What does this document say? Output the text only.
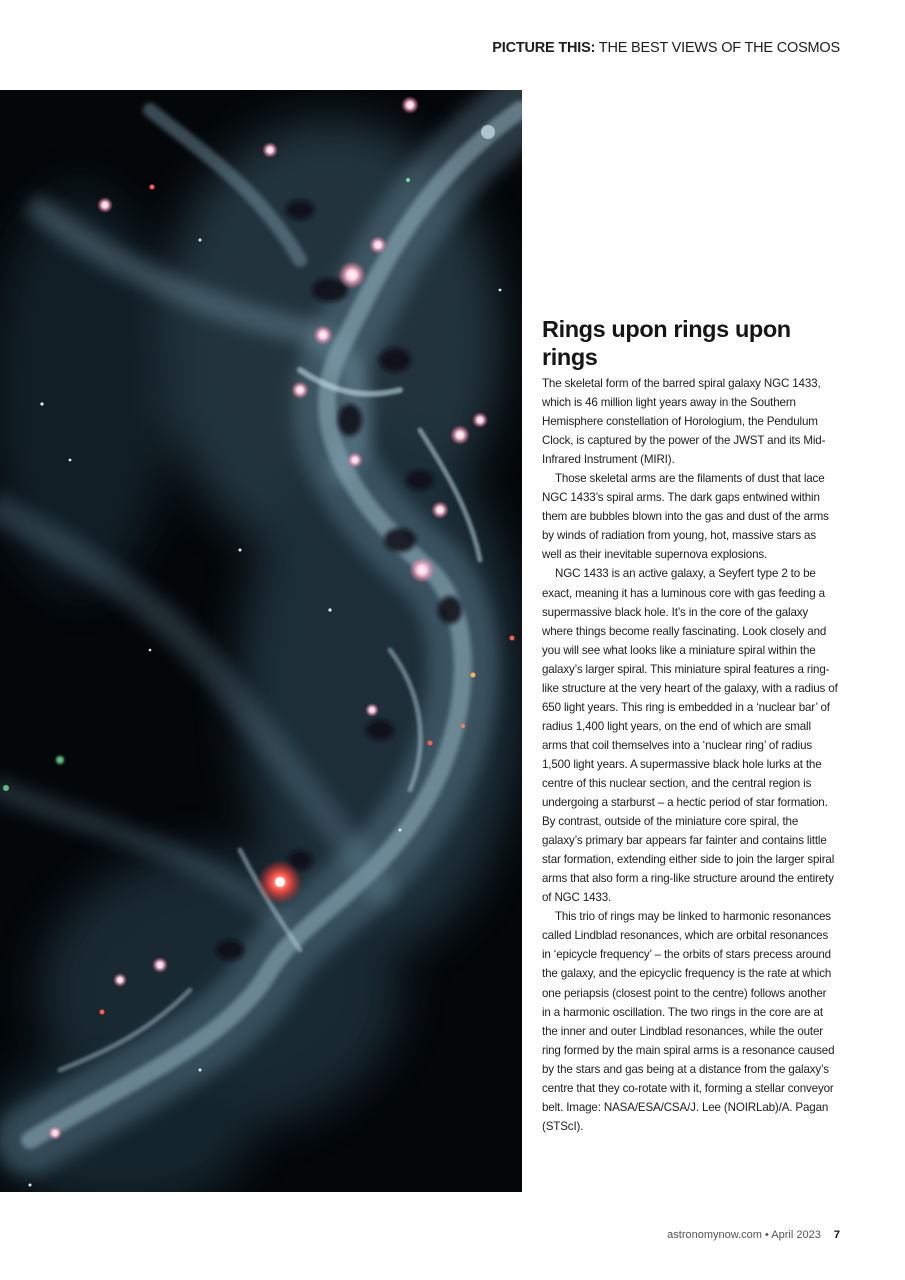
PICTURE THIS: THE BEST VIEWS OF THE COSMOS
Rings upon rings upon rings

The skeletal form of the barred spiral galaxy NGC 1433, which is 46 million light years away in the Southern Hemisphere constellation of Horologium, the Pendulum Clock, is captured by the power of the JWST and its Mid-Infrared Instrument (MIRI).

Those skeletal arms are the filaments of dust that lace NGC 1433’s spiral arms. The dark gaps entwined within them are bubbles blown into the gas and dust of the arms by winds of radiation from young, hot, massive stars as well as their inevitable supernova explosions.

NGC 1433 is an active galaxy, a Seyfert type 2 to be exact, meaning it has a luminous core with gas feeding a supermassive black hole. It’s in the core of the galaxy where things become really fascinating. Look closely and you will see what looks like a miniature spiral within the galaxy’s larger spiral. This miniature spiral features a ring-like structure at the very heart of the galaxy, with a radius of 650 light years. This ring is embedded in a ‘nuclear bar’ of radius 1,400 light years, on the end of which are small arms that coil themselves into a ‘nuclear ring’ of radius 1,500 light years. A supermassive black hole lurks at the centre of this nuclear section, and the central region is undergoing a starburst – a hectic period of star formation. By contrast, outside of the miniature core spiral, the galaxy’s primary bar appears far fainter and contains little star formation, extending either side to join the larger spiral arms that also form a ring-like structure around the entirety of NGC 1433.

This trio of rings may be linked to harmonic resonances called Lindblad resonances, which are orbital resonances in ‘epicycle frequency’ – the orbits of stars precess around the galaxy, and the epicyclic frequency is the rate at which one periapsis (closest point to the centre) follows another in a harmonic oscillation. The two rings in the core are at the inner and outer Lindblad resonances, while the outer ring formed by the main spiral arms is a resonance caused by the stars and gas being at a distance from the galaxy’s centre that they co-rotate with it, forming a stellar conveyor belt. Image: NASA/ESA/CSA/J. Lee (NOIRLab)/A. Pagan (STScI).

astronomynow.com • April 2023 7
